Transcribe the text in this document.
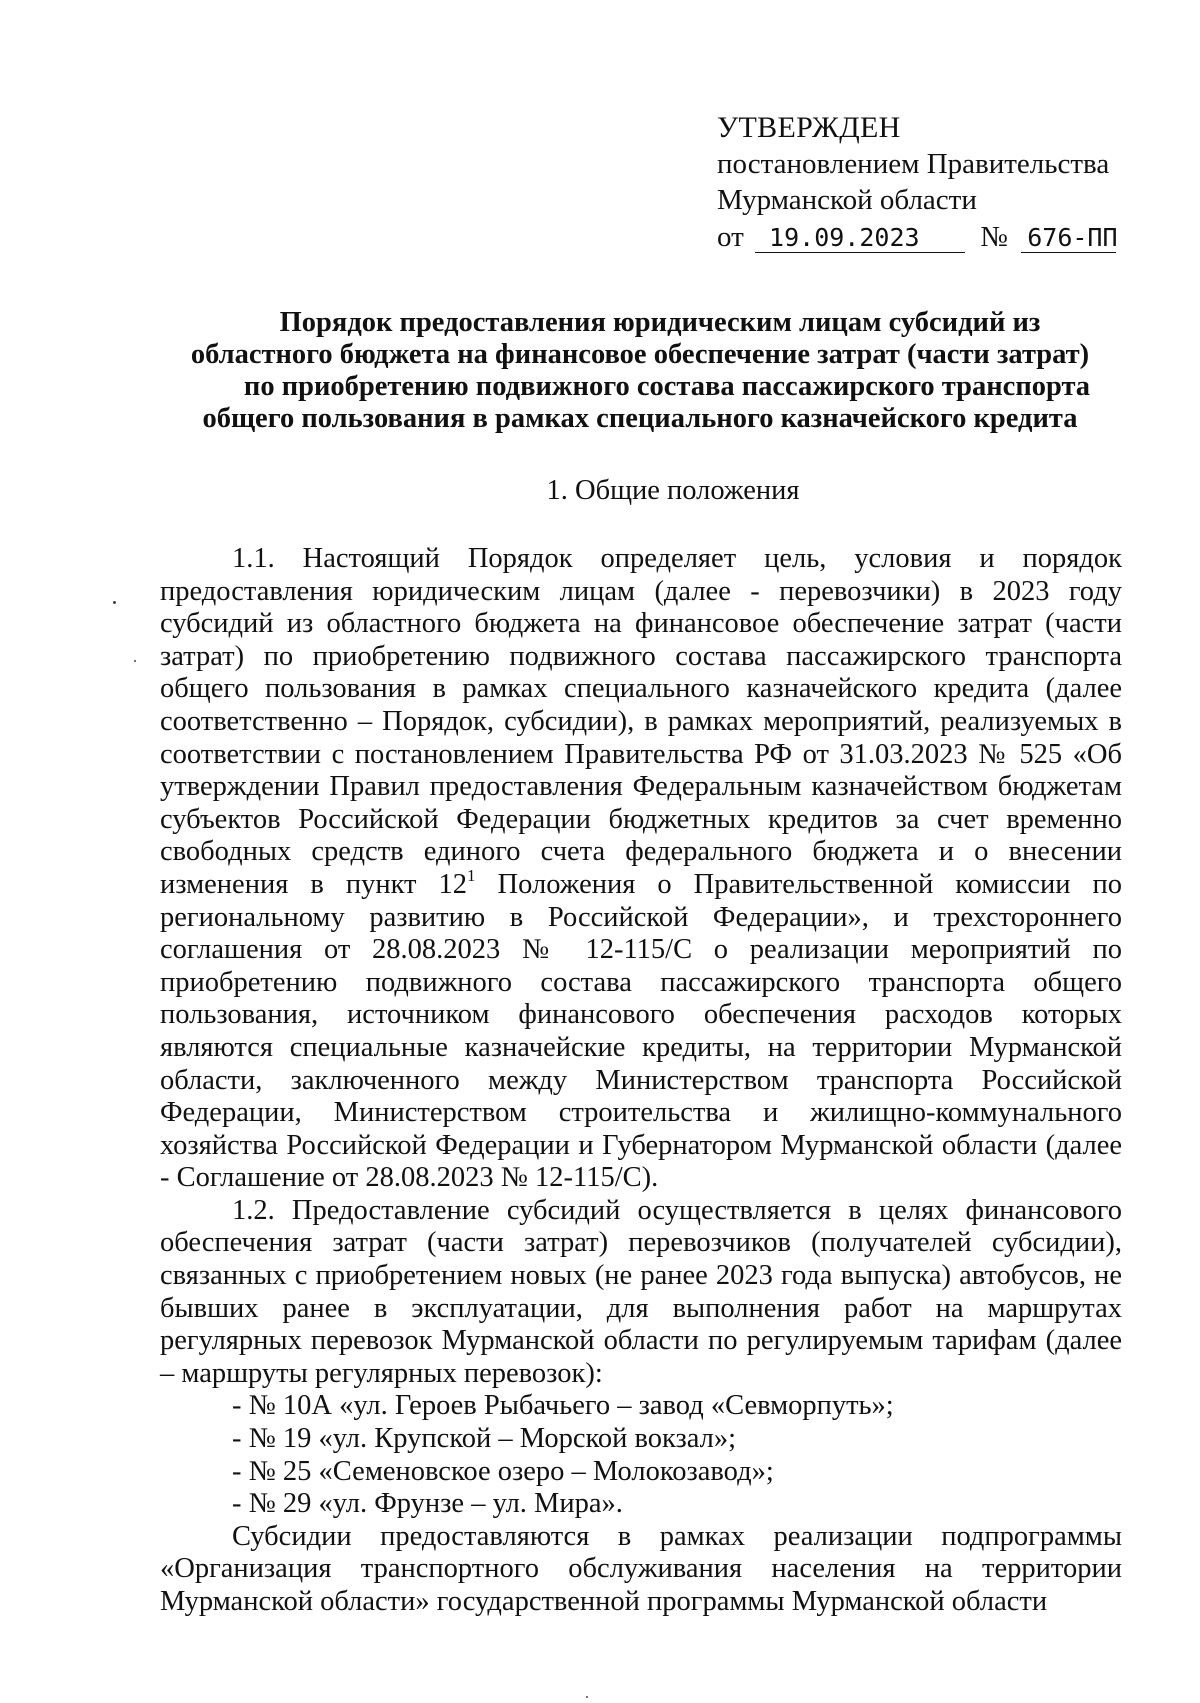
УТВЕРЖДЕН
постановлением Правительства
Мурманской области
от 19.09.2023 № 676-ПП
Порядок предоставления юридическим лицам субсидий из
областного бюджета на финансовое обеспечение затрат (части затрат)
по приобретению подвижного состава пассажирского транспорта
общего пользования в рамках специального казначейского кредита
1. Общие положения

1.1. Настоящий Порядок определяет цель, условия и порядок предоставления юридическим лицам (далее - перевозчики) в 2023 году субсидий из областного бюджета на финансовое обеспечение затрат (части затрат) по приобретению подвижного состава пассажирского транспорта общего пользования в рамках специального казначейского кредита (далее соответственно – Порядок, субсидии), в рамках мероприятий, реализуемых в соответствии с постановлением Правительства РФ от 31.03.2023 № 525 «Об утверждении Правил предоставления Федеральным казначейством бюджетам субъектов Российской Федерации бюджетных кредитов за счет временно свободных средств единого счета федерального бюджета и о внесении изменения в пункт $12^1$ Положения о Правительственной комиссии по региональному развитию в Российской Федерации», и трехстороннего соглашения от 28.08.2023 № 12-115/С о реализации мероприятий по приобретению подвижного состава пассажирского транспорта общего пользования, источником финансового обеспечения расходов которых являются специальные казначейские кредиты, на территории Мурманской области, заключенного между Министерством транспорта Российской Федерации, Министерством строительства и жилищно-коммунального хозяйства Российской Федерации и Губернатором Мурманской области (далее - Соглашение от 28.08.2023 № 12-115/С).

1.2. Предоставление субсидий осуществляется в целях финансового обеспечения затрат (части затрат) перевозчиков (получателей субсидии), связанных с приобретением новых (не ранее 2023 года выпуска) автобусов, не бывших ранее в эксплуатации, для выполнения работ на маршрутах регулярных перевозок Мурманской области по регулируемым тарифам (далее – маршруты регулярных перевозок):

- № 10А «ул. Героев Рыбачьего – завод «Севморпуть»;

- № 19 «ул. Крупской – Морской вокзал»;

- № 25 «Семеновское озеро – Молокозавод»;

- № 29 «ул. Фрунзе – ул. Мира».

Субсидии предоставляются в рамках реализации подпрограммы «Организация транспортного обслуживания населения на территории Мурманской области» государственной программы Мурманской области
